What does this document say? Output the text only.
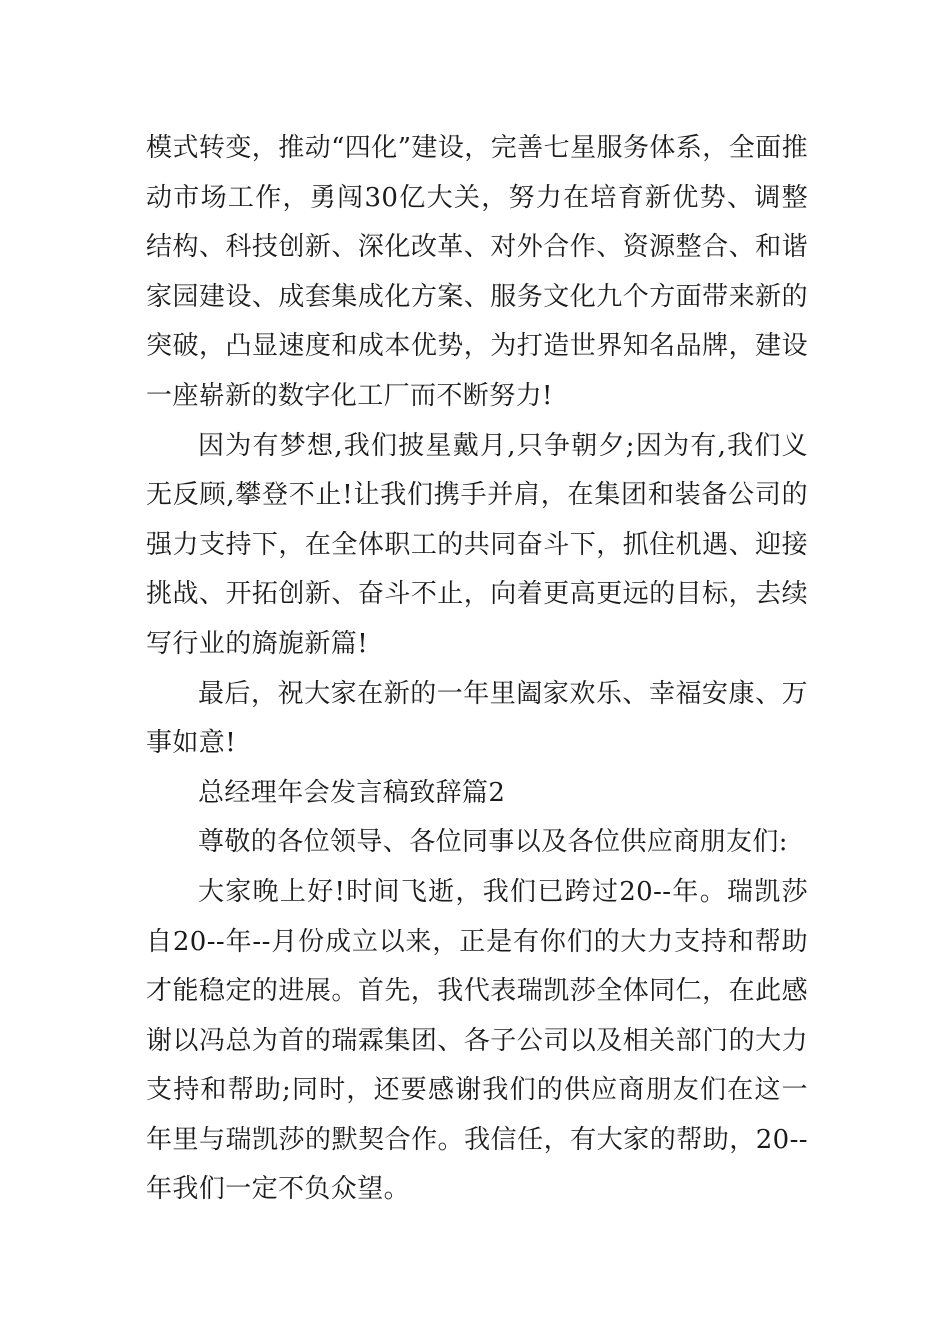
模式转变，推动“四化”建设，完善七星服务体系，全面推动市场工作，勇闯30亿大关，努力在培育新优势、调整结构、科技创新、深化改革、对外合作、资源整合、和谐家园建设、成套集成化方案、服务文化九个方面带来新的突破，凸显速度和成本优势，为打造世界知名品牌，建设一座崭新的数字化工厂而不断努力!

因为有梦想,我们披星戴月,只争朝夕;因为有,我们义无反顾,攀登不止!让我们携手并肩，在集团和装备公司的强力支持下，在全体职工的共同奋斗下，抓住机遇、迎接挑战、开拓创新、奋斗不止，向着更高更远的目标，去续写行业的旖旎新篇!

最后，祝大家在新的一年里阖家欢乐、幸福安康、万事如意!

总经理年会发言稿致辞篇2

尊敬的各位领导、各位同事以及各位供应商朋友们:

大家晚上好!时间飞逝，我们已跨过20--年。瑞凯莎自20--年--月份成立以来，正是有你们的大力支持和帮助才能稳定的进展。首先，我代表瑞凯莎全体同仁，在此感谢以冯总为首的瑞霖集团、各子公司以及相关部门的大力支持和帮助;同时，还要感谢我们的供应商朋友们在这一年里与瑞凯莎的默契合作。我信任，有大家的帮助，20--年我们一定不负众望。
